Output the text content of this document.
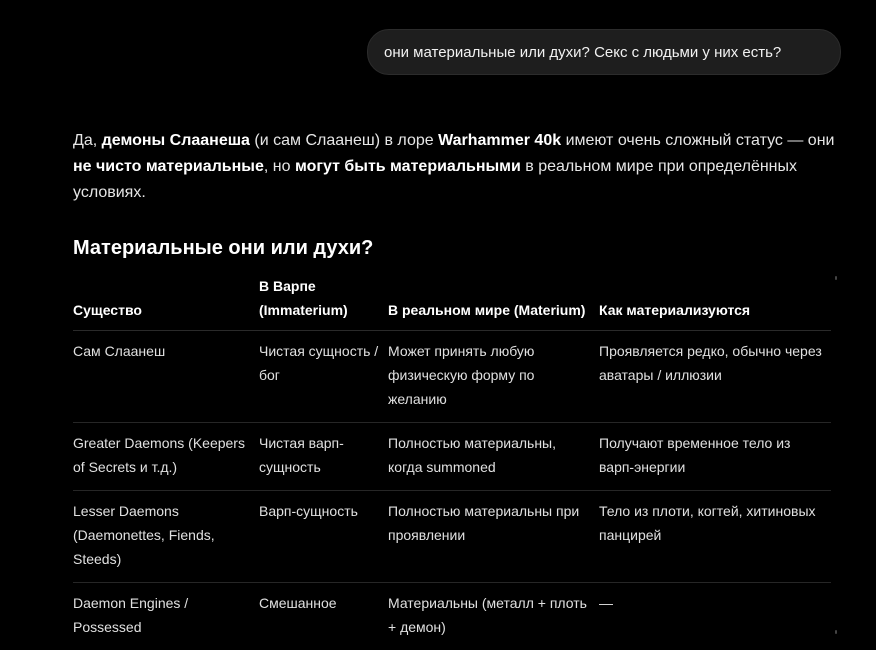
они материальные или духи? Секс с людьми у них есть?

Да, демоны Слаанеша (и сам Слаанеш) в лоре Warhammer 40k имеют очень сложный статус — они не чисто материальные, но могут быть материальными в реальном мире при определённых условиях.

Материальные они или духи?
Существо	В Варпе (Immaterium)	В реальном мире (Materium)	Как материализуются
Сам Слаанеш	Чистая сущность / бог	Может принять любую физическую форму по желанию	Проявляется редко, обычно через аватары / иллюзии
Greater Daemons (Keepers of Secrets и т.д.)	Чистая варп-сущность	Полностью материальны, когда summoned	Получают временное тело из варп-энергии
Lesser Daemons (Daemonettes, Fiends, Steeds)	Варп-сущность	Полностью материальны при проявлении	Тело из плоти, когтей, хитиновых панцирей
Daemon Engines / Possessed	Смешанное	Материальны (металл + плоть + демон)	—
